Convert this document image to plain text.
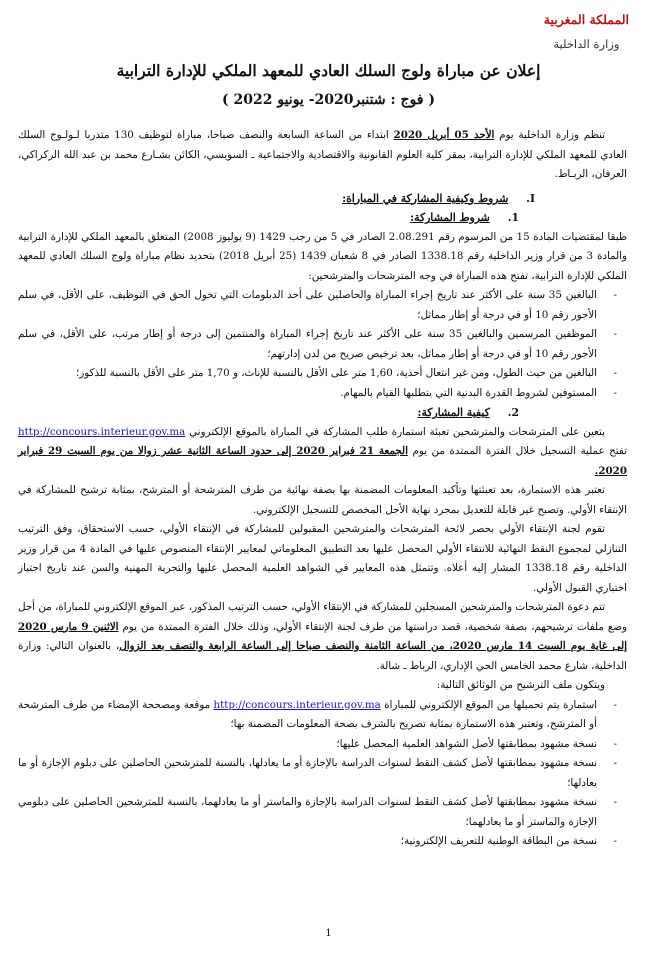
المملكة المغربية
وزارة الداخلية
إعلان عن مباراة ولوج السلك العادي للمعهد الملكي للإدارة الترابية
( فوج : شتنبر2020- يونيو 2022 )

تنظم وزارة الداخلية يوم الأحد 05 أبريل 2020 ابتداء من الساعة السابعة والنصف صباحا، مباراة لتوظيف 130 متدربا لـولـوج السلك العادي للمعهد الملكي للإدارة الترابية، بمقر كلية العلوم القانونية والاقتصادية والاجتماعية ـ السويسي، الكائن بشـارع محمد بن عبد الله الركراكي، العرفان، الربـاط.

I.شروط وكيفية المشاركة في المباراة:

1.شروط المشاركة:

طبقا لمقتضيات المادة 15 من المرسوم رقم 2.08.291 الصادر في 5 من رجب 1429 (9 يوليوز 2008) المتعلق بالمعهد الملكي للإدارة الترابية والمادة 3 من قرار وزير الداخلية رقم 1338.18 الصادر في 8 شعبان 1439 (25 أبريل 2018) بتحديد نظام مباراة ولوج السلك العادي للمعهد الملكي للإدارة الترابية، تفتح هذه المباراة في وجه المترشحات والمترشحين:

- البالغين 35 سنة على الأكثر عند تاريخ إجراء المباراة والحاصلين على أحد الدبلومات التي تخول الحق في التوظيف، على الأقل، في سلم الأجور رقم 10 أو في درجة أو إطار مماثل؛
- الموظفين المرسمين والبالغين 35 سنة على الأكثر عند تاريخ إجراء المباراة والمنتمين إلى درجة أو إطار مرتب، على الأقل، في سلم الأجور رقم 10 أو في درجة أو إطار مماثل، بعد ترخيص صريح من لدن إدارتهم؛
- البالغين من حيث الطول، ومن غير انتعال أحذية، 1,60 متر على الأقل بالنسبة للإناث، و 1,70 متر على الأقل بالنسبة للذكور؛
- المستوفين لشروط القدرة البدنية التي يتطلبها القيام بالمهام.

2.كيفية المشاركة:

يتعين على المترشحات والمترشحين تعبئة استمارة طلب المشاركة في المباراة بالموقع الإلكتروني http://concours.interieur.gov.ma تفتح عملية التسجيل خلال الفترة الممتدة من يوم الجمعة 21 فبراير 2020 إلى حدود الساعة الثانية عشر زوالا من يوم السبت 29 فبراير 2020.

تعتبر هذه الاستمارة، بعد تعبئتها وتأكيد المعلومات المضمنة بها بصفة نهائية من طرف المترشحة أو المترشح، بمثابة ترشيح للمشاركة في الإنتقاء الأولي. وتصبح غير قابلة للتعديل بمجرد نهاية الأجل المخصص للتسجيل الإلكتروني.

تقوم لجنة الإنتقاء الأولي بحصر لائحة المترشحات والمترشحين المقبولين للمشاركة في الإنتقاء الأولي، حسب الاستحقاق، وفق الترتيب التنازلي لمجموع النقط النهائية للانتقاء الأولي المحصل عليها بعد التطبيق المعلوماتي لمعايير الإنتقاء المنصوص عليها في المادة 4 من قرار وزير الداخلية رقم 1338.18 المشار إليه أعلاه. وتتمثل هذه المعايير في الشواهد العلمية المحصل عليها والتجربة المهنية والسن عند تاريخ اجتياز اختباري القبول الأولي.

تتم دعوة المترشحات والمترشحين المسجلين للمشاركة في الإنتقاء الأولي، حسب الترتيب المذكور، عبر الموقع الإلكتروني للمباراة، من أجل وضع ملفات ترشيحهم، بصفة شخصية، قصد دراستها من طرف لجنة الإنتقاء الأولي، وذلك خلال الفترة الممتدة من يوم الاثنين 9 مارس 2020 إلى غاية يوم السبت 14 مارس 2020، من الساعة الثامنة والنصف صباحا إلى الساعة الرابعة والنصف بعد الزوال، بالعنوان التالي: وزارة الداخلية، شارع محمد الخامس الحي الإداري، الرباط ـ شالة.

ويتكون ملف الترشيح من الوثائق التالية:

- استمارة يتم تحميلها من الموقع الإلكتروني للمباراة http://concours.interieur.gov.ma موقعة ومصححة الإمضاء من طرف المترشحة أو المترشح، وتعتبر هذه الاستمارة بمثابة تصريح بالشرف بصحة المعلومات المضمنة بها؛
- نسخة مشهود بمطابقتها لأصل الشواهد العلمية المحصل عليها؛
- نسخة مشهود بمطابقتها لأصل كشف النقط لسنوات الدراسة بالإجازة أو ما يعادلها، بالنسبة للمترشحين الحاصلين على دبلوم الإجازة أو ما يعادلها؛
- نسخة مشهود بمطابقتها لأصل كشف النقط لسنوات الدراسة بالإجازة والماستر أو ما يعادلهما، بالنسبة للمترشحين الحاصلين على دبلومي الإجازة والماستر أو ما يعادلهما؛
- نسخة من البطاقة الوطنية للتعريف الإلكترونية؛
1
